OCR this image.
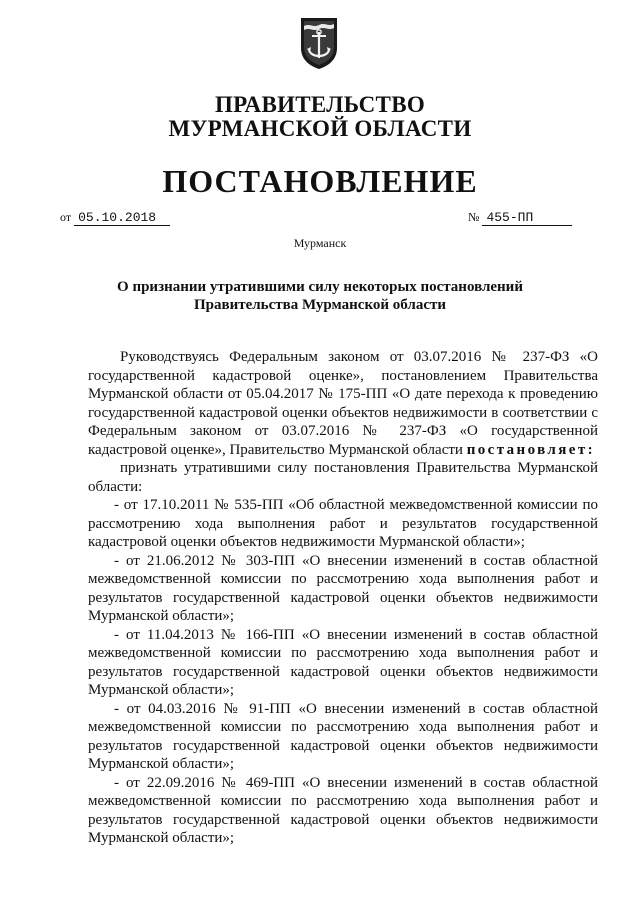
ПРАВИТЕЛЬСТВО
МУРМАНСКОЙ ОБЛАСТИ
ПОСТАНОВЛЕНИЕ
от 05.10.2018	№ 455-ПП
Мурманск
О признании утратившими силу некоторых постановлений
Правительства Мурманской области

Руководствуясь Федеральным законом от 03.07.2016 № 237-ФЗ «О государственной кадастровой оценке», постановлением Правительства Мурманской области от 05.04.2017 № 175-ПП «О дате перехода к проведению государственной кадастровой оценки объектов недвижимости в соответствии с Федеральным законом от 03.07.2016 № 237-ФЗ «О государственной кадастровой оценке», Правительство Мурманской области постановляет:

признать утратившими силу постановления Правительства Мурманской области:

- от 17.10.2011 № 535-ПП «Об областной межведомственной комиссии по рассмотрению хода выполнения работ и результатов государственной кадастровой оценки объектов недвижимости Мурманской области»;

- от 21.06.2012 № 303-ПП «О внесении изменений в состав областной межведомственной комиссии по рассмотрению хода выполнения работ и результатов государственной кадастровой оценки объектов недвижимости Мурманской области»;

- от 11.04.2013 № 166-ПП «О внесении изменений в состав областной межведомственной комиссии по рассмотрению хода выполнения работ и результатов государственной кадастровой оценки объектов недвижимости Мурманской области»;

- от 04.03.2016 № 91-ПП «О внесении изменений в состав областной межведомственной комиссии по рассмотрению хода выполнения работ и результатов государственной кадастровой оценки объектов недвижимости Мурманской области»;

- от 22.09.2016 № 469-ПП «О внесении изменений в состав областной межведомственной комиссии по рассмотрению хода выполнения работ и результатов государственной кадастровой оценки объектов недвижимости Мурманской области»;
